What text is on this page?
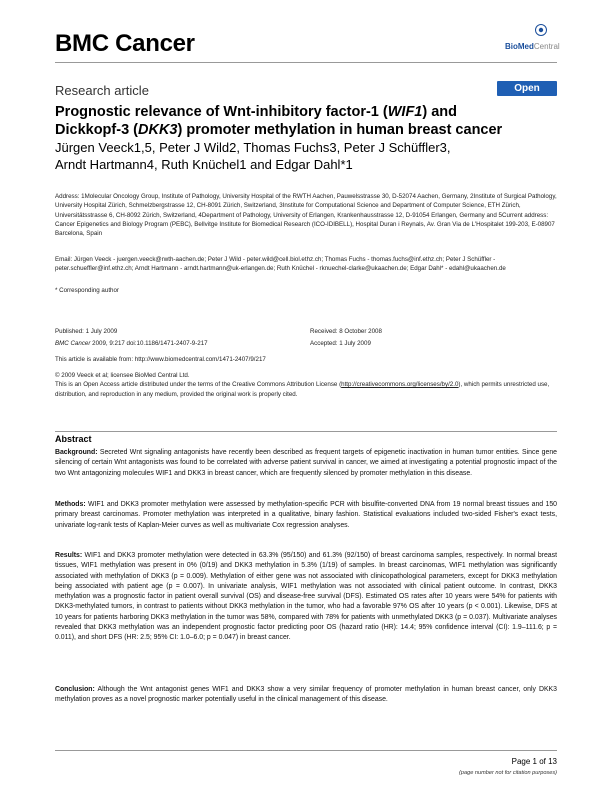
BMC Cancer	BioMedCentral
Research article	Open Access
Prognostic relevance of Wnt-inhibitory factor-1 (WIF1) and
Dickkopf-3 (DKK3) promoter methylation in human breast cancer
Jürgen Veeck1,5, Peter J Wild2, Thomas Fuchs3, Peter J Schüffler3,
Arndt Hartmann4, Ruth Knüchel1 and Edgar Dahl*1
Address: 1Molecular Oncology Group, Institute of Pathology, University Hospital of the RWTH Aachen, Pauwelsstrasse 30, D-52074 Aachen, Germany, 2Institute of Surgical Pathology, University Hospital Zürich, Schmelzbergstrasse 12, CH-8091 Zürich, Switzerland, 3Institute for Computational Science and Department of Computer Science, ETH Zürich, Universitätsstrasse 6, CH-8092 Zürich, Switzerland, 4Department of Pathology, University of Erlangen, Krankenhausstrasse 12, D-91054 Erlangen, Germany and 5Current address: Cancer Epigenetics and Biology Program (PEBC), Bellvitge Institute for Biomedical Research (ICO-IDIBELL), Hospital Duran i Reynals, Av. Gran Via de L'Hospitalet 199-203, E-08907 Barcelona, Spain
Email: Jürgen Veeck - juergen.veeck@rwth-aachen.de; Peter J Wild - peter.wild@cell.biol.ethz.ch; Thomas Fuchs - thomas.fuchs@inf.ethz.ch; Peter J Schüffler - peter.schueffler@inf.ethz.ch; Arndt Hartmann - arndt.hartmann@uk-erlangen.de; Ruth Knüchel - rknuechel-clarke@ukaachen.de; Edgar Dahl* - edahl@ukaachen.de
* Corresponding author
Published: 1 July 2009
BMC Cancer 2009, 9:217 doi:10.1186/1471-2407-9-217
Received: 8 October 2008
Accepted: 1 July 2009
This article is available from: http://www.biomedcentral.com/1471-2407/9/217
© 2009 Veeck et al; licensee BioMed Central Ltd.
This is an Open Access article distributed under the terms of the Creative Commons Attribution License (http://creativecommons.org/licenses/by/2.0), which permits unrestricted use, distribution, and reproduction in any medium, provided the original work is properly cited.
Abstract
Background: Secreted Wnt signaling antagonists have recently been described as frequent targets of epigenetic inactivation in human tumor entities. Since gene silencing of certain Wnt antagonists was found to be correlated with adverse patient survival in cancer, we aimed at investigating a potential prognostic impact of the two Wnt antagonizing molecules WIF1 and DKK3 in breast cancer, which are frequently silenced by promoter methylation in this disease.
Methods: WIF1 and DKK3 promoter methylation were assessed by methylation-specific PCR with bisulfite-converted DNA from 19 normal breast tissues and 150 primary breast carcinomas. Promoter methylation was interpreted in a qualitative, binary fashion. Statistical evaluations included two-sided Fisher's exact tests, univariate log-rank tests of Kaplan-Meier curves as well as multivariate Cox regression analyses.
Results: WIF1 and DKK3 promoter methylation were detected in 63.3% (95/150) and 61.3% (92/150) of breast carcinoma samples, respectively. In normal breast tissues, WIF1 methylation was present in 0% (0/19) and DKK3 methylation in 5.3% (1/19) of samples. In breast carcinomas, WIF1 methylation was significantly associated with methylation of DKK3 (p = 0.009). Methylation of either gene was not associated with clinicopathological parameters, except for DKK3 methylation being associated with patient age (p = 0.007). In univariate analysis, WIF1 methylation was not associated with clinical patient outcome. In contrast, DKK3 methylation was a prognostic factor in patient overall survival (OS) and disease-free survival (DFS). Estimated OS rates after 10 years were 54% for patients with DKK3-methylated tumors, in contrast to patients without DKK3 methylation in the tumor, who had a favorable 97% OS after 10 years (p < 0.001). Likewise, DFS at 10 years for patients harboring DKK3 methylation in the tumor was 58%, compared with 78% for patients with unmethylated DKK3 (p = 0.037). Multivariate analyses revealed that DKK3 methylation was an independent prognostic factor predicting poor OS (hazard ratio (HR): 14.4; 95% confidence interval (CI): 1.9–111.6; p = 0.011), and short DFS (HR: 2.5; 95% CI: 1.0–6.0; p = 0.047) in breast cancer.
Conclusion: Although the Wnt antagonist genes WIF1 and DKK3 show a very similar frequency of promoter methylation in human breast cancer, only DKK3 methylation proves as a novel prognostic marker potentially useful in the clinical management of this disease.
Page 1 of 13
(page number not for citation purposes)
